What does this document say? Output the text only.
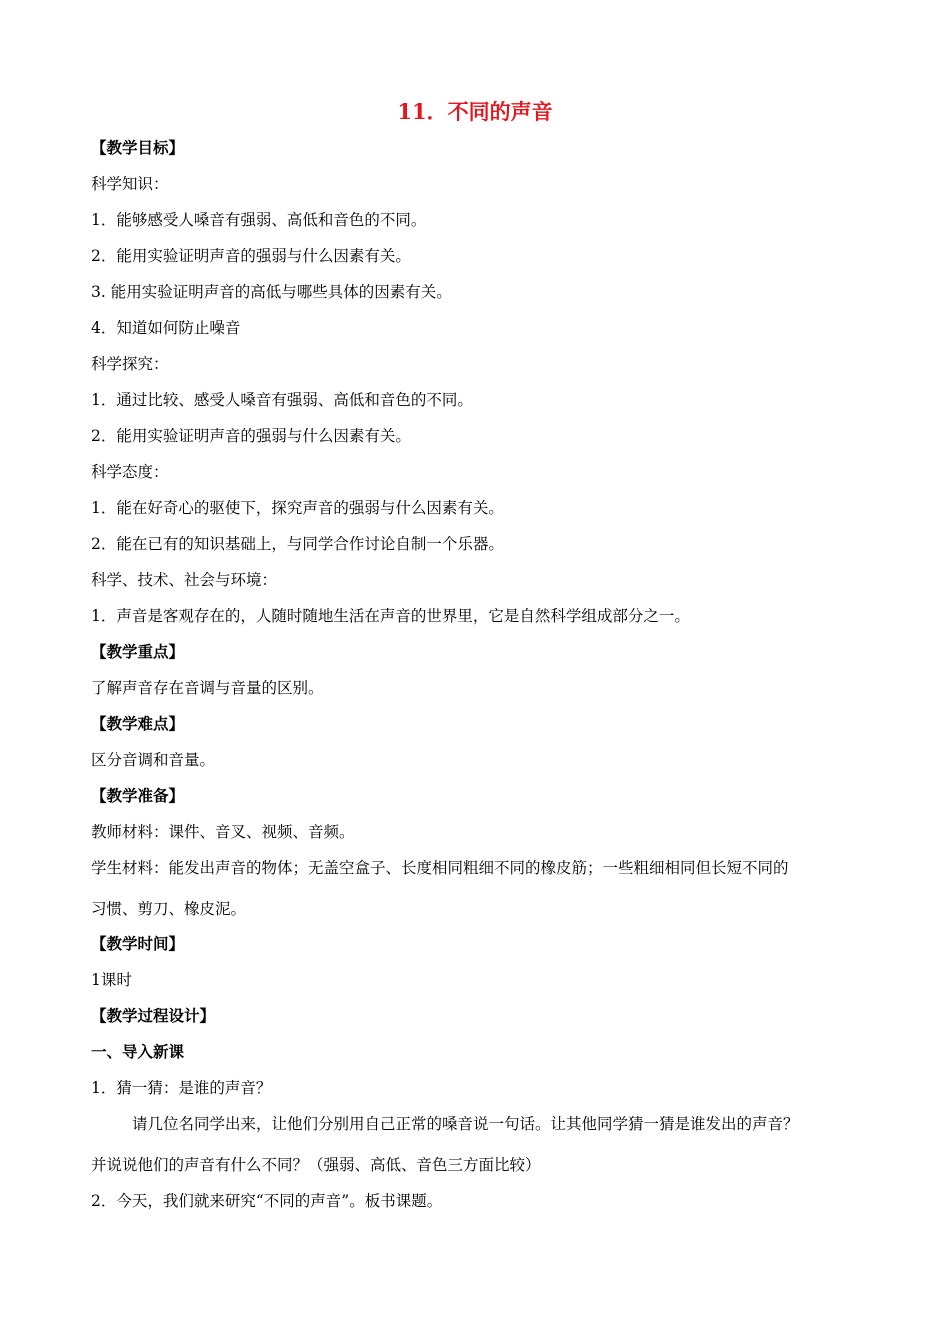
11．不同的声音
【教学目标】
科学知识：
1．能够感受人嗓音有强弱、高低和音色的不同。
2．能用实验证明声音的强弱与什么因素有关。
3. 能用实验证明声音的高低与哪些具体的因素有关。
4．知道如何防止噪音
科学探究：
1．通过比较、感受人嗓音有强弱、高低和音色的不同。
2．能用实验证明声音的强弱与什么因素有关。
科学态度：
1．能在好奇心的驱使下，探究声音的强弱与什么因素有关。
2．能在已有的知识基础上，与同学合作讨论自制一个乐器。
科学、技术、社会与环境：
1．声音是客观存在的，人随时随地生活在声音的世界里，它是自然科学组成部分之一。
【教学重点】
了解声音存在音调与音量的区别。
【教学难点】
区分音调和音量。
【教学准备】
教师材料：课件、音叉、视频、音频。
学生材料：能发出声音的物体；无盖空盒子、长度相同粗细不同的橡皮筋；一些粗细相同但长短不同的
习惯、剪刀、橡皮泥。
【教学时间】
1课时
【教学过程设计】
一、导入新课
1．猜一猜：是谁的声音？
请几位名同学出来，让他们分别用自己正常的嗓音说一句话。让其他同学猜一猜是谁发出的声音？
并说说他们的声音有什么不同？（强弱、高低、音色三方面比较）
2．今天，我们就来研究“不同的声音”。板书课题。
